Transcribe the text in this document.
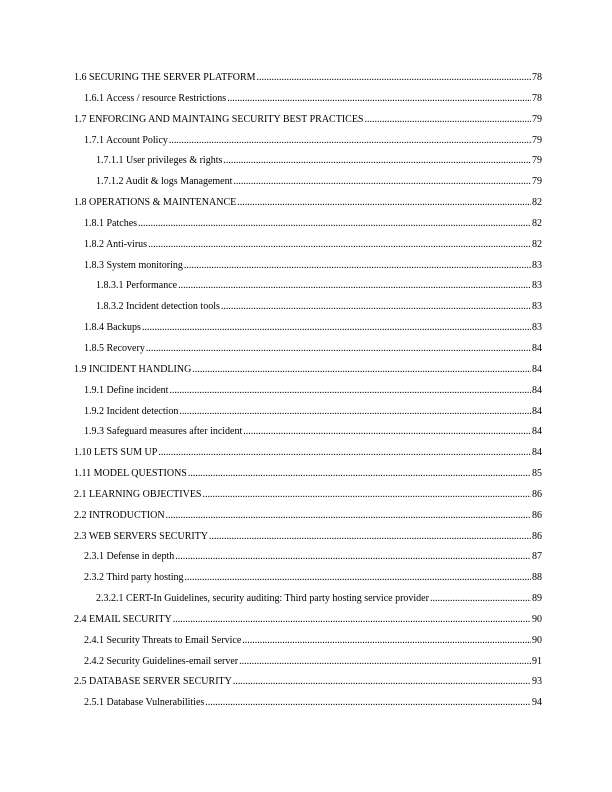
1.6 SECURING THE SERVER PLATFORM .....	78
1.6.1 Access / resource Restrictions .....	78
1.7 ENFORCING AND MAINTAING SECURITY BEST PRACTICES .....	79
1.7.1 Account Policy .....	79
1.7.1.1 User privileges & rights .....	79
1.7.1.2 Audit & logs Management .....	79
1.8 OPERATIONS & MAINTENANCE .....	82
1.8.1 Patches .....	82
1.8.2 Anti-virus .....	82
1.8.3 System monitoring .....	83
1.8.3.1 Performance .....	83
1.8.3.2 Incident detection tools .....	83
1.8.4 Backups .....	83
1.8.5 Recovery .....	84
1.9 INCIDENT HANDLING .....	84
1.9.1 Define incident .....	84
1.9.2 Incident detection .....	84
1.9.3 Safeguard measures after incident .....	84
1.10 LETS SUM UP .....	84
1.11 MODEL QUESTIONS .....	85
2.1 LEARNING OBJECTIVES .....	86
2.2 INTRODUCTION .....	86
2.3 WEB SERVERS SECURITY .....	86
2.3.1 Defense in depth .....	87
2.3.2 Third party hosting .....	88
2.3.2.1 CERT-In Guidelines, security auditing: Third party hosting service provider .....	89
2.4 EMAIL SECURITY .....	90
2.4.1 Security Threats to Email Service .....	90
2.4.2 Security Guidelines-email server .....	91
2.5 DATABASE SERVER SECURITY .....	93
2.5.1 Database Vulnerabilities .....	94
